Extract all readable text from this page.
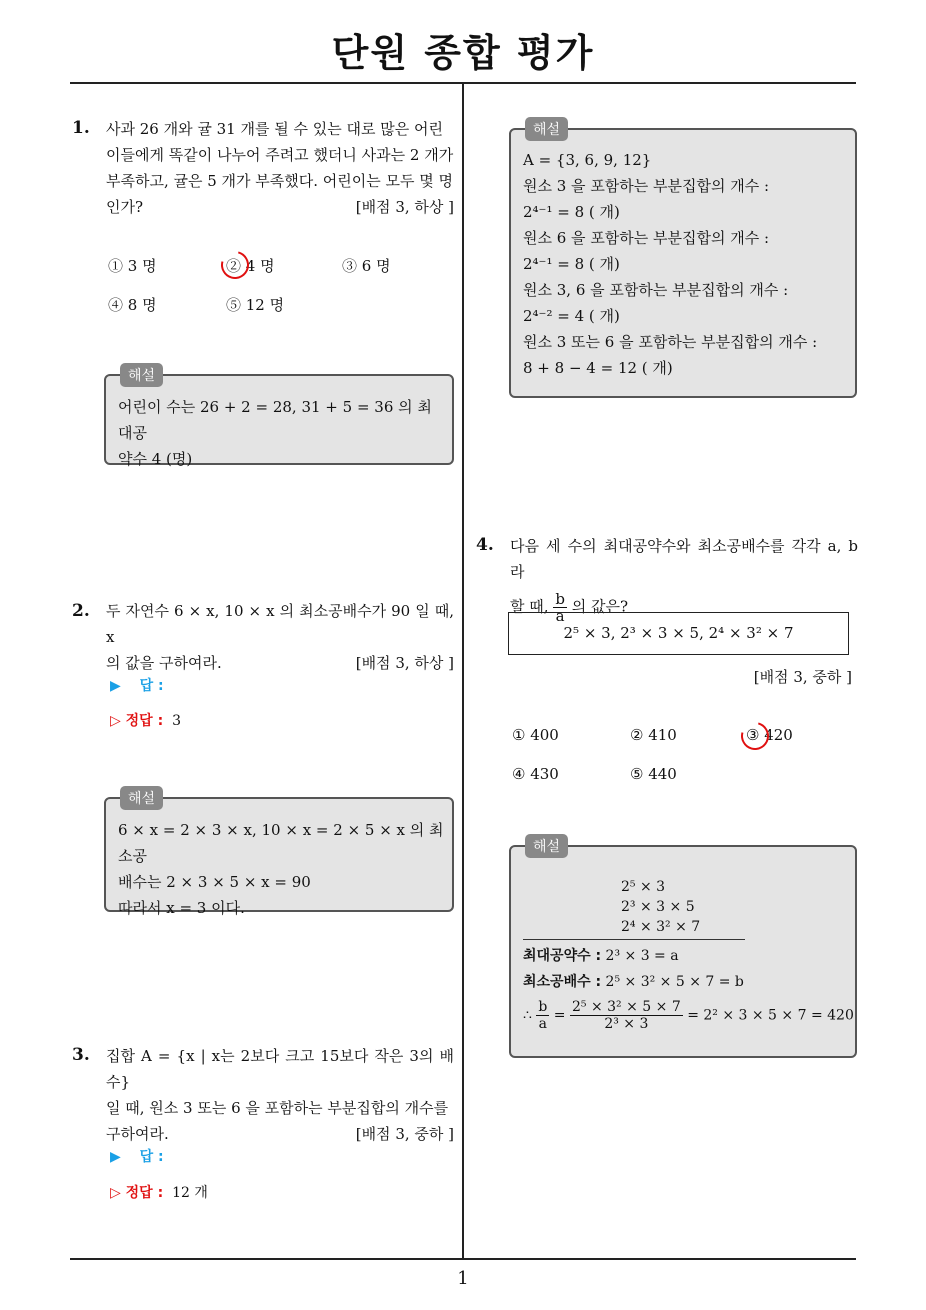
단원 종합 평가
1
1. 사과 26 개와 귤 31 개를 될 수 있는 대로 많은 어린
이들에게 똑같이 나누어 주려고 했더니 사과는 2 개가
부족하고, 귤은 5 개가 부족했다. 어린이는 모두 몇 명
인가?	[배점 3, 하상 ]
① 3 명	② 4 명	③ 6 명
④ 8 명	⑤ 12 명
해설
어린이 수는 26 + 2 = 28, 31 + 5 = 36 의 최대공
약수 4 (명)
2. 두 자연수 6 × x, 10 × x 의 최소공배수가 90 일 때, x
의 값을 구하여라.	[배점 3, 하상 ]
▶ 답 :
▷ 정답 : 3
해설
6 × x = 2 × 3 × x, 10 × x = 2 × 5 × x 의 최소공
배수는 2 × 3 × 5 × x = 90
따라서 x = 3 이다.
3. 집합 A = {x | x는 2보다 크고 15보다 작은 3의 배수}
일 때, 원소 3 또는 6 을 포함하는 부분집합의 개수를
구하여라.	[배점 3, 중하 ]
▶ 답 :
▷ 정답 : 12 개
해설
A = {3, 6, 9, 12}
원소 3 을 포함하는 부분집합의 개수 :
2⁴⁻¹ = 8 ( 개)
원소 6 을 포함하는 부분집합의 개수 :
2⁴⁻¹ = 8 ( 개)
원소 3, 6 을 포함하는 부분집합의 개수 :
2⁴⁻² = 4 ( 개)
원소 3 또는 6 을 포함하는 부분집합의 개수 :
8 + 8 − 4 = 12 ( 개)
4. 다음 세 수의 최대공약수와 최소공배수를 각각 a, b 라
할 때, $\frac{b}{a}$ 의 값은?
2⁵ × 3, 2³ × 3 × 5, 2⁴ × 3² × 7
[배점 3, 중하 ]
① 400	② 410	③ 420
④ 430	⑤ 440
해설
2⁵ × 3
2³ × 3 × 5
2⁴ × 3² × 7
최대공약수 : 2³ × 3 = a
최소공배수 : 2⁵ × 3² × 5 × 7 = b
∴ $\frac{b}{a} = \frac{\text{2⁵ × 3² × 5 × 7}}{\text{2³ × 3}} = 2^2 \times 3 \times 5 \times 7 = 420$
